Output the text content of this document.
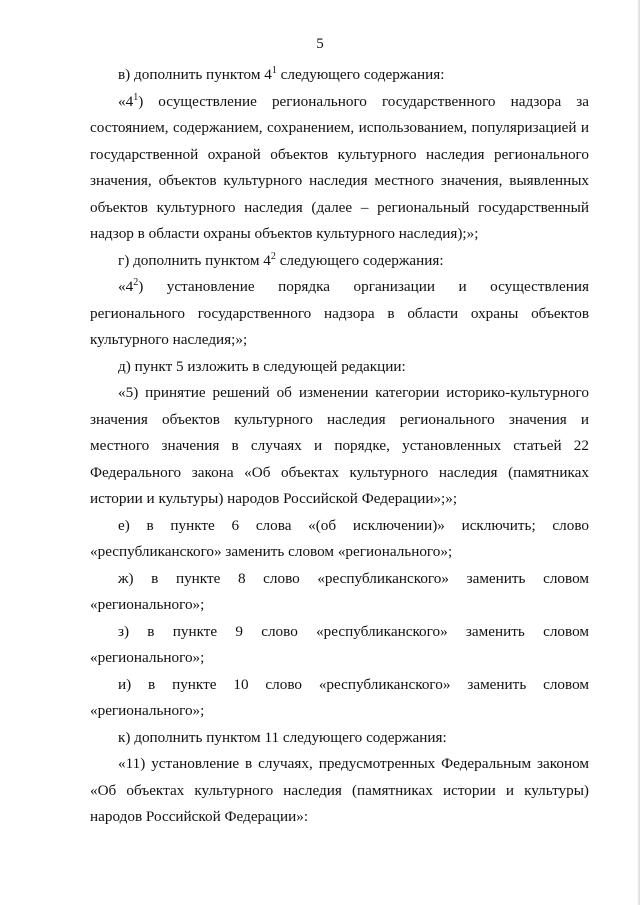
5

в) дополнить пунктом $4^1$ следующего содержания:

«$4^1$) осуществление регионального государственного надзора за состоянием, содержанием, сохранением, использованием, популяризацией и государственной охраной объектов культурного наследия регионального значения, объектов культурного наследия местного значения, выявленных объектов культурного наследия (далее – региональный государственный надзор в области охраны объектов культурного наследия);»;

г) дополнить пунктом $4^2$ следующего содержания:

«$4^2$) установление порядка организации и осуществления регионального государственного надзора в области охраны объектов культурного наследия;»;

д) пункт 5 изложить в следующей редакции:

«5) принятие решений об изменении категории историко-культурного значения объектов культурного наследия регионального значения и местного значения в случаях и порядке, установленных статьей 22 Федерального закона «Об объектах культурного наследия (памятниках истории и культуры) народов Российской Федерации»;»;

е) в пункте 6 слова «(об исключении)» исключить; слово «республиканского» заменить словом «регионального»;

ж) в пункте 8 слово «республиканского» заменить словом «регионального»;

з) в пункте 9 слово «республиканского» заменить словом «регионального»;

и) в пункте 10 слово «республиканского» заменить словом «регионального»;

к) дополнить пунктом 11 следующего содержания:

«11) установление в случаях, предусмотренных Федеральным законом «Об объектах культурного наследия (памятниках истории и культуры) народов Российской Федерации»:
